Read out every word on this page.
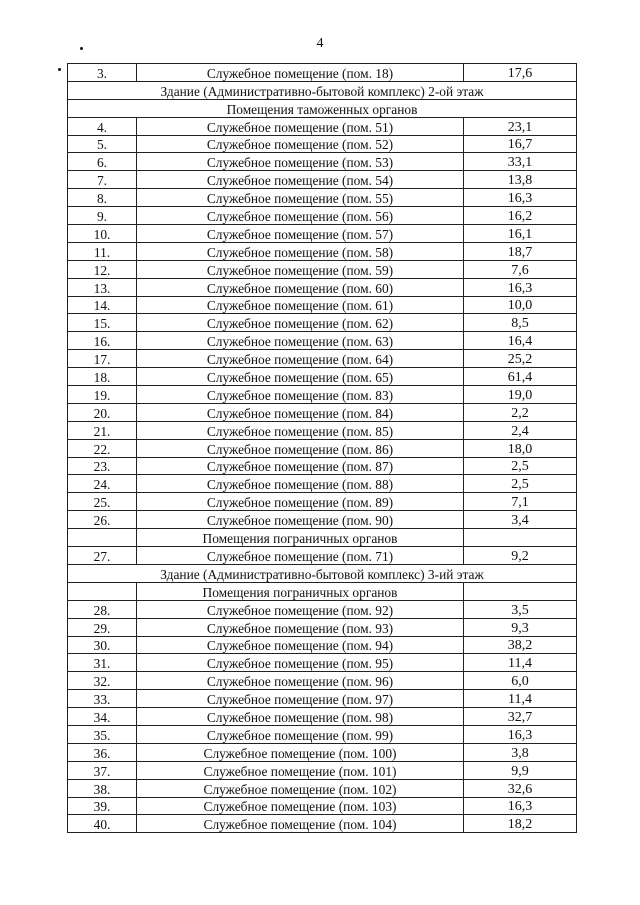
4
3.	Служебное помещение (пом. 18)	17,6
Здание (Административно-бытовой комплекс) 2-ой этаж		
Помещения таможенных органов		
4.	Служебное помещение (пом. 51)	23,1
5.	Служебное помещение (пом. 52)	16,7
6.	Служебное помещение (пом. 53)	33,1
7.	Служебное помещение (пом. 54)	13,8
8.	Служебное помещение (пом. 55)	16,3
9.	Служебное помещение (пом. 56)	16,2
10.	Служебное помещение (пом. 57)	16,1
11.	Служебное помещение (пом. 58)	18,7
12.	Служебное помещение (пом. 59)	7,6
13.	Служебное помещение (пом. 60)	16,3
14.	Служебное помещение (пом. 61)	10,0
15.	Служебное помещение (пом. 62)	8,5
16.	Служебное помещение (пом. 63)	16,4
17.	Служебное помещение (пом. 64)	25,2
18.	Служебное помещение (пом. 65)	61,4
19.	Служебное помещение (пом. 83)	19,0
20.	Служебное помещение (пом. 84)	2,2
21.	Служебное помещение (пом. 85)	2,4
22.	Служебное помещение (пом. 86)	18,0
23.	Служебное помещение (пом. 87)	2,5
24.	Служебное помещение (пом. 88)	2,5
25.	Служебное помещение (пом. 89)	7,1
26.	Служебное помещение (пом. 90)	3,4
	Помещения пограничных органов	
27.	Служебное помещение (пом. 71)	9,2
Здание (Административно-бытовой комплекс) 3-ий этаж		
	Помещения пограничных органов	
28.	Служебное помещение (пом. 92)	3,5
29.	Служебное помещение (пом. 93)	9,3
30.	Служебное помещение (пом. 94)	38,2
31.	Служебное помещение (пом. 95)	11,4
32.	Служебное помещение (пом. 96)	6,0
33.	Служебное помещение (пом. 97)	11,4
34.	Служебное помещение (пом. 98)	32,7
35.	Служебное помещение (пом. 99)	16,3
36.	Служебное помещение (пом. 100)	3,8
37.	Служебное помещение (пом. 101)	9,9
38.	Служебное помещение (пом. 102)	32,6
39.	Служебное помещение (пом. 103)	16,3
40.	Служебное помещение (пом. 104)	18,2
